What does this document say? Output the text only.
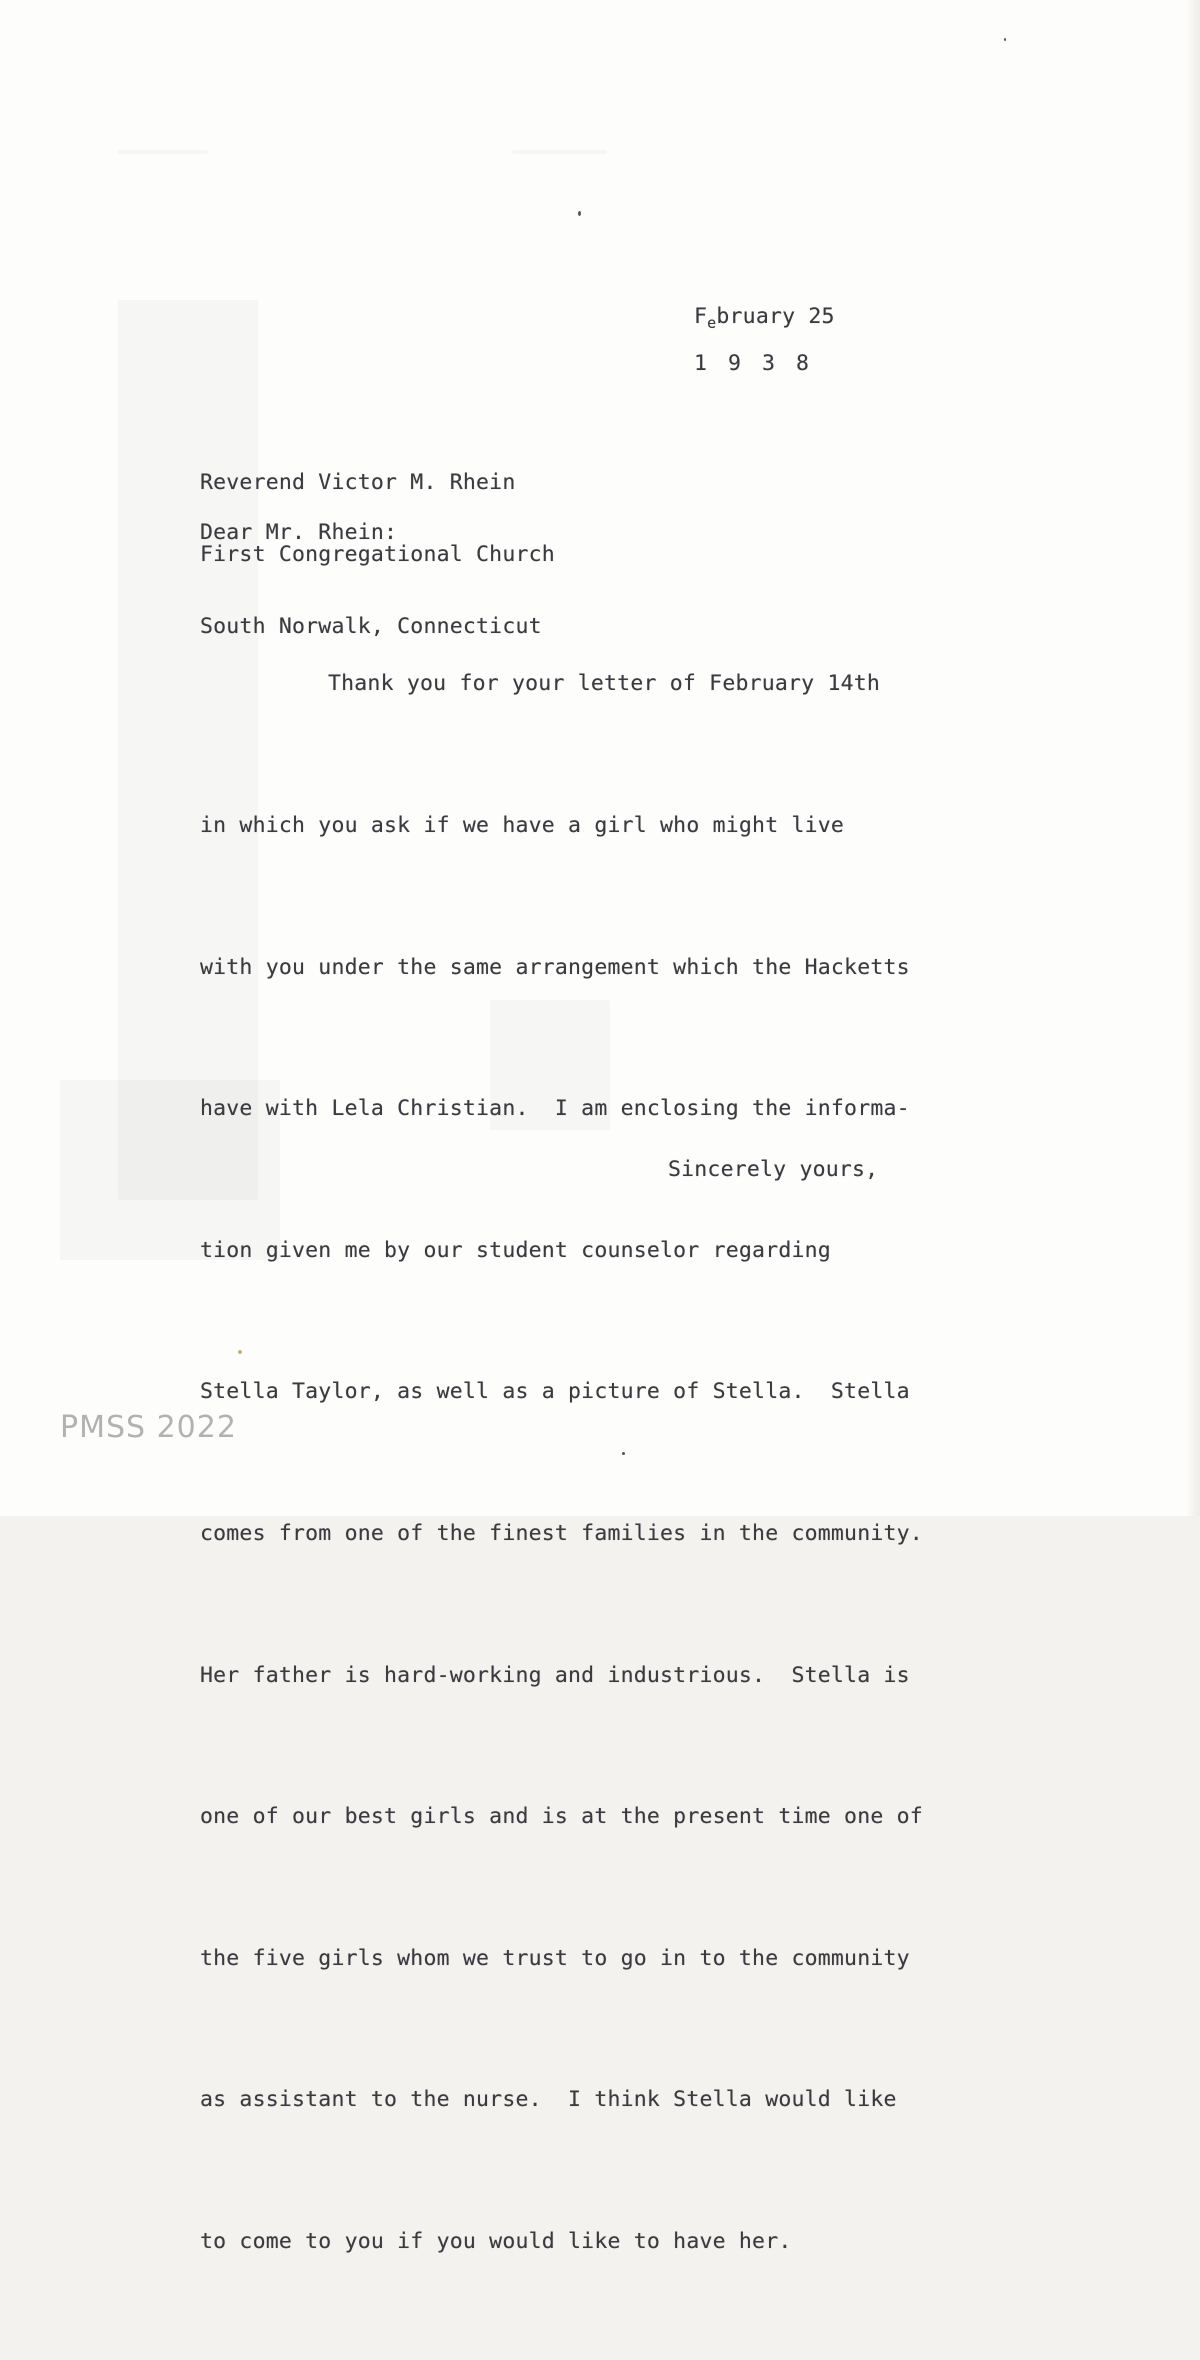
$F_ebruary$ 25
1 9 3 8

Reverend Victor M. Rhein

First Congregational Church

South Norwalk, Connecticut

Dear Mr. Rhein:

Thank you for your letter of February 14th

in which you ask if we have a girl who might live

with you under the same arrangement which the Hacketts

have with Lela Christian.  I am enclosing the informa-

tion given me by our student counselor regarding

Stella Taylor, as well as a picture of Stella.  Stella

comes from one of the finest families in the community.

Her father is hard-working and industrious.  Stella is

one of our best girls and is at the present time one of

the five girls whom we trust to go in to the community

as assistant to the nurse.  I think Stella would like

to come to you if you would like to have her.

Sincerely yours,
PMSS 2022
